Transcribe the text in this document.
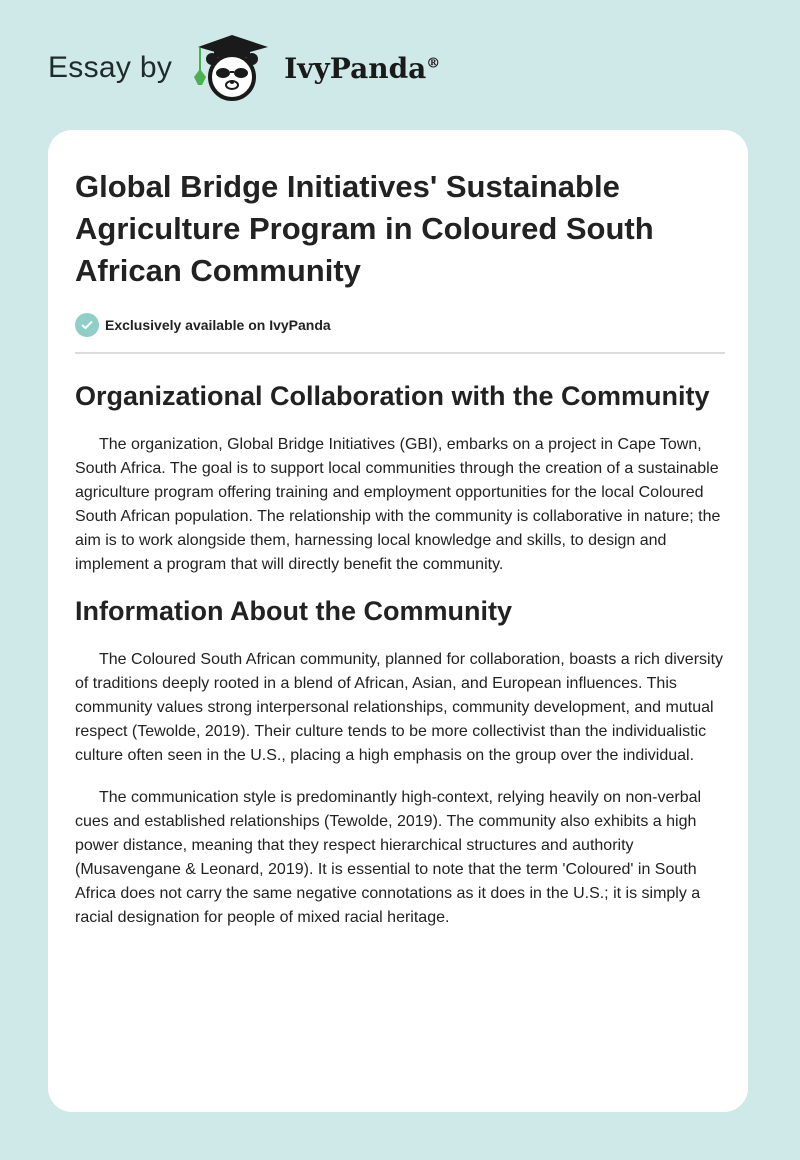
Essay by	IvyPanda®
Global Bridge Initiatives' Sustainable Agriculture Program in Coloured South African Community
Exclusively available on IvyPanda
Organizational Collaboration with the Community

The organization, Global Bridge Initiatives (GBI), embarks on a project in Cape Town, South Africa. The goal is to support local communities through the creation of a sustainable agriculture program offering training and employment opportunities for the local Coloured South African population. The relationship with the community is collaborative in nature; the aim is to work alongside them, harnessing local knowledge and skills, to design and implement a program that will directly benefit the community.

Information About the Community

The Coloured South African community, planned for collaboration, boasts a rich diversity of traditions deeply rooted in a blend of African, Asian, and European influences. This community values strong interpersonal relationships, community development, and mutual respect (Tewolde, 2019). Their culture tends to be more collectivist than the individualistic culture often seen in the U.S., placing a high emphasis on the group over the individual.

The communication style is predominantly high-context, relying heavily on non-verbal cues and established relationships (Tewolde, 2019). The community also exhibits a high power distance, meaning that they respect hierarchical structures and authority (Musavengane & Leonard, 2019). It is essential to note that the term 'Coloured' in South Africa does not carry the same negative connotations as it does in the U.S.; it is simply a racial designation for people of mixed racial heritage.
